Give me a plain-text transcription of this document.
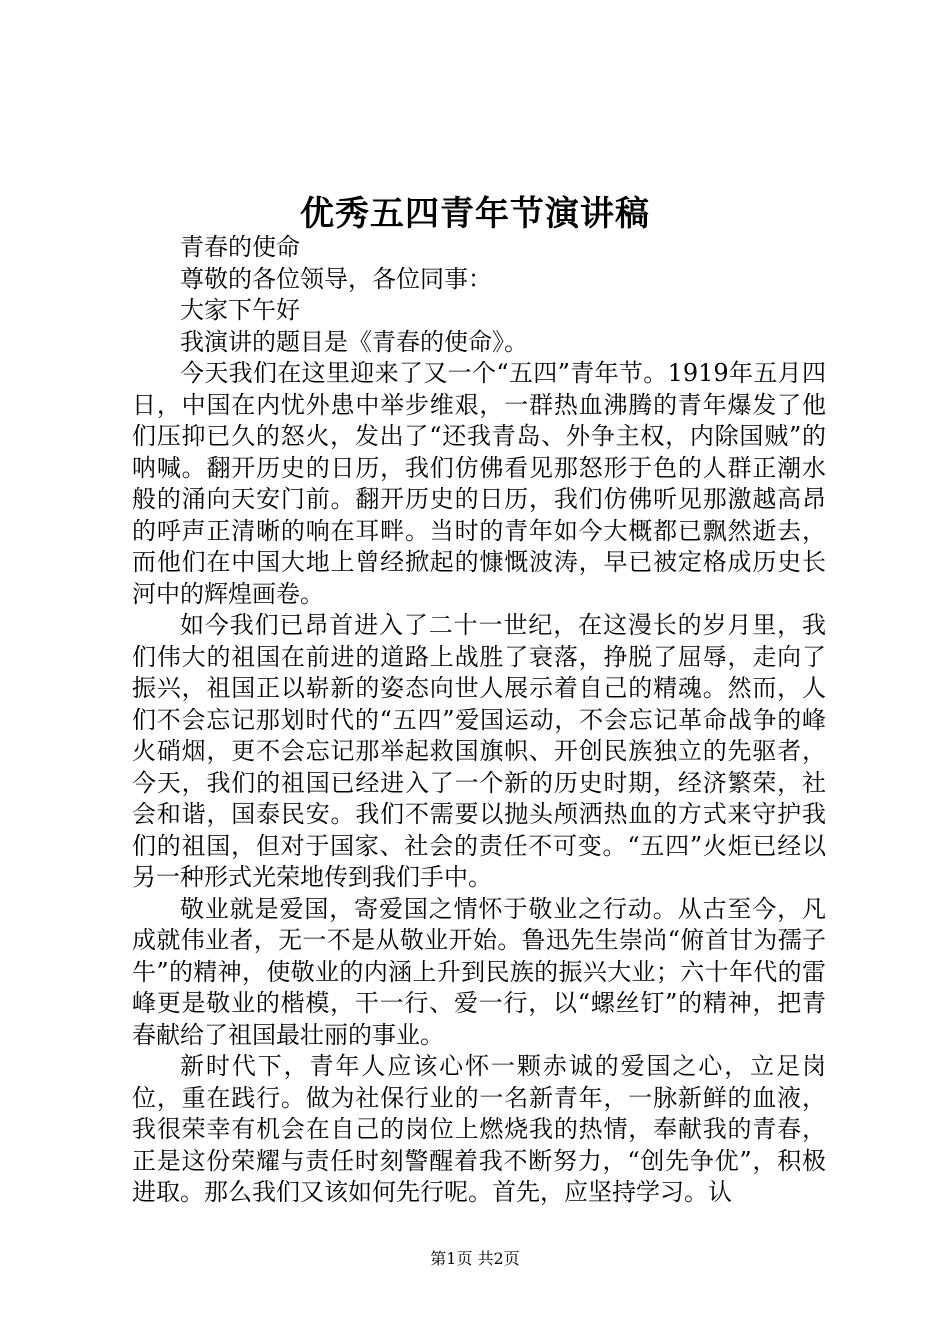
优秀五四青年节演讲稿

青春的使命

尊敬的各位领导，各位同事：

大家下午好

我演讲的题目是《青春的使命》。

今天我们在这里迎来了又一个“五四”青年节。1919年五月四日，中国在内忧外患中举步维艰，一群热血沸腾的青年爆发了他们压抑已久的怒火，发出了“还我青岛、外争主权，内除国贼”的呐喊。翻开历史的日历，我们仿佛看见那怒形于色的人群正潮水般的涌向天安门前。翻开历史的日历，我们仿佛听见那激越高昂的呼声正清晰的响在耳畔。当时的青年如今大概都已飘然逝去，而他们在中国大地上曾经掀起的慷慨波涛，早已被定格成历史长河中的辉煌画卷。

如今我们已昂首进入了二十一世纪，在这漫长的岁月里，我们伟大的祖国在前进的道路上战胜了衰落，挣脱了屈辱，走向了振兴，祖国正以崭新的姿态向世人展示着自己的精魂。然而，人们不会忘记那划时代的“五四”爱国运动，不会忘记革命战争的峰火硝烟，更不会忘记那举起救国旗帜、开创民族独立的先驱者，今天，我们的祖国已经进入了一个新的历史时期，经济繁荣，社会和谐，国泰民安。我们不需要以抛头颅洒热血的方式来守护我们的祖国，但对于国家、社会的责任不可变。“五四”火炬已经以另一种形式光荣地传到我们手中。

敬业就是爱国，寄爱国之情怀于敬业之行动。从古至今，凡成就伟业者，无一不是从敬业开始。鲁迅先生崇尚“俯首甘为孺子牛”的精神，使敬业的内涵上升到民族的振兴大业；六十年代的雷峰更是敬业的楷模，干一行、爱一行，以“螺丝钉”的精神，把青春献给了祖国最壮丽的事业。

新时代下，青年人应该心怀一颗赤诚的爱国之心，立足岗位，重在践行。做为社保行业的一名新青年，一脉新鲜的血液，我很荣幸有机会在自己的岗位上燃烧我的热情，奉献我的青春，正是这份荣耀与责任时刻警醒着我不断努力，“创先争优”，积极进取。那么我们又该如何先行呢。首先，应坚持学习。认

第1页 共2页
